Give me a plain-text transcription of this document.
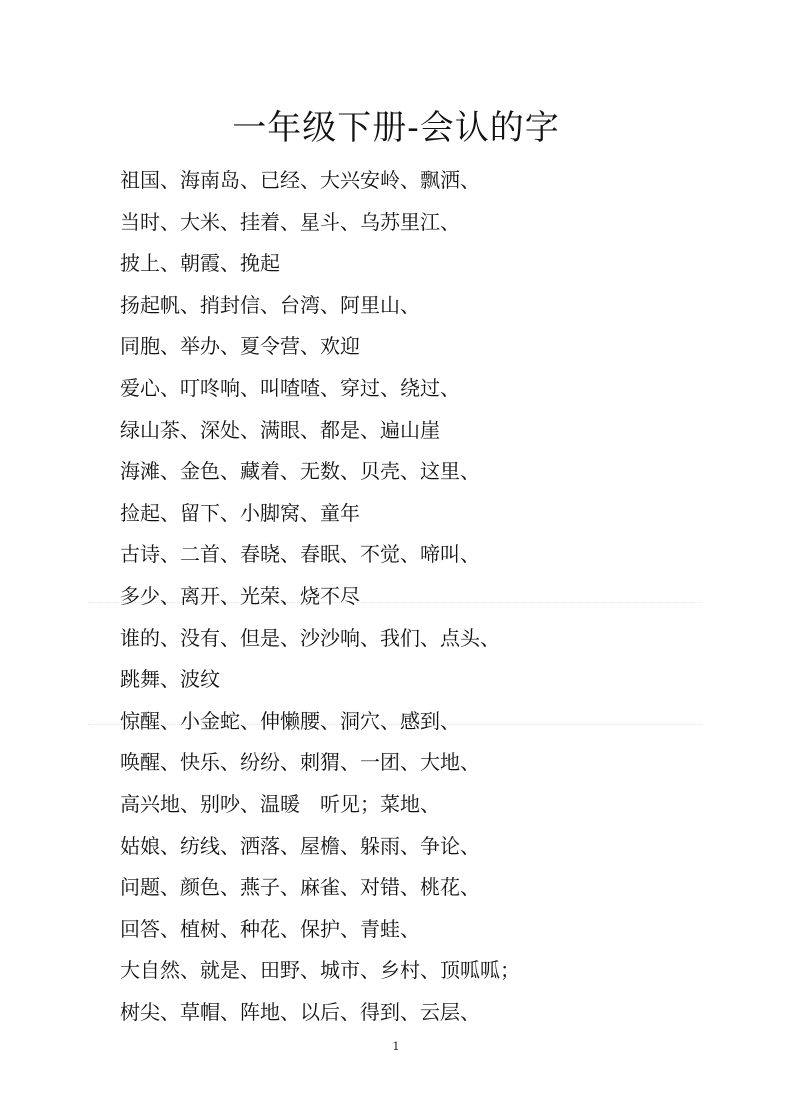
一年级下册-会认的字
祖国、海南岛、已经、大兴安岭、飘洒、
当时、大米、挂着、星斗、乌苏里江、
披上、朝霞、挽起
扬起帆、捎封信、台湾、阿里山、
同胞、举办、夏令营、欢迎
爱心、叮咚响、叫喳喳、穿过、绕过、
绿山茶、深处、满眼、都是、遍山崖
海滩、金色、藏着、无数、贝壳、这里、
捡起、留下、小脚窝、童年
古诗、二首、春晓、春眠、不觉、啼叫、
多少、离开、光荣、烧不尽
谁的、没有、但是、沙沙响、我们、点头、
跳舞、波纹
惊醒、小金蛇、伸懒腰、洞穴、感到、
唤醒、快乐、纷纷、刺猬、一团、大地、
高兴地、别吵、温暖　听见；菜地、
姑娘、纺线、洒落、屋檐、躲雨、争论、
问题、颜色、燕子、麻雀、对错、桃花、
回答、植树、种花、保护、青蛙、
大自然、就是、田野、城市、乡村、顶呱呱；
树尖、草帽、阵地、以后、得到、云层、
1
